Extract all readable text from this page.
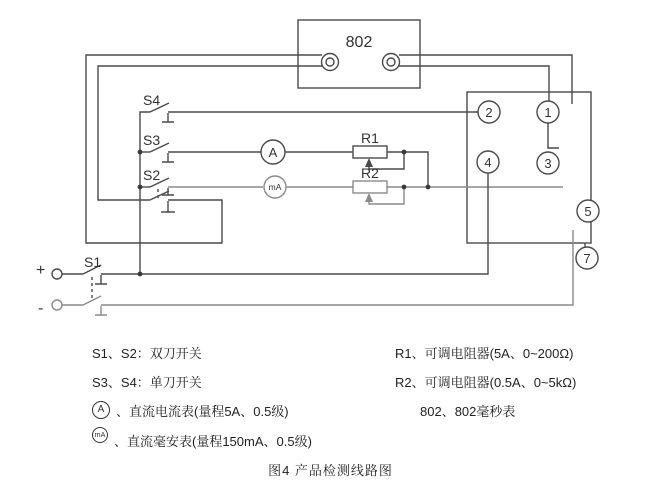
802
S4
S3
S2
S1
R1
R2
A
mA
+
-
2	1
4	3
5
7
S1、S2：双刀开关
S3、S4：单刀开关
A 、直流电流表(量程5A、0.5级)
mA 、直流毫安表(量程150mA、0.5级)
R1、可调电阻器(5A、0~200Ω)
R2、可调电阻器(0.5A、0~5kΩ)
802、802毫秒表
图4 产品检测线路图
